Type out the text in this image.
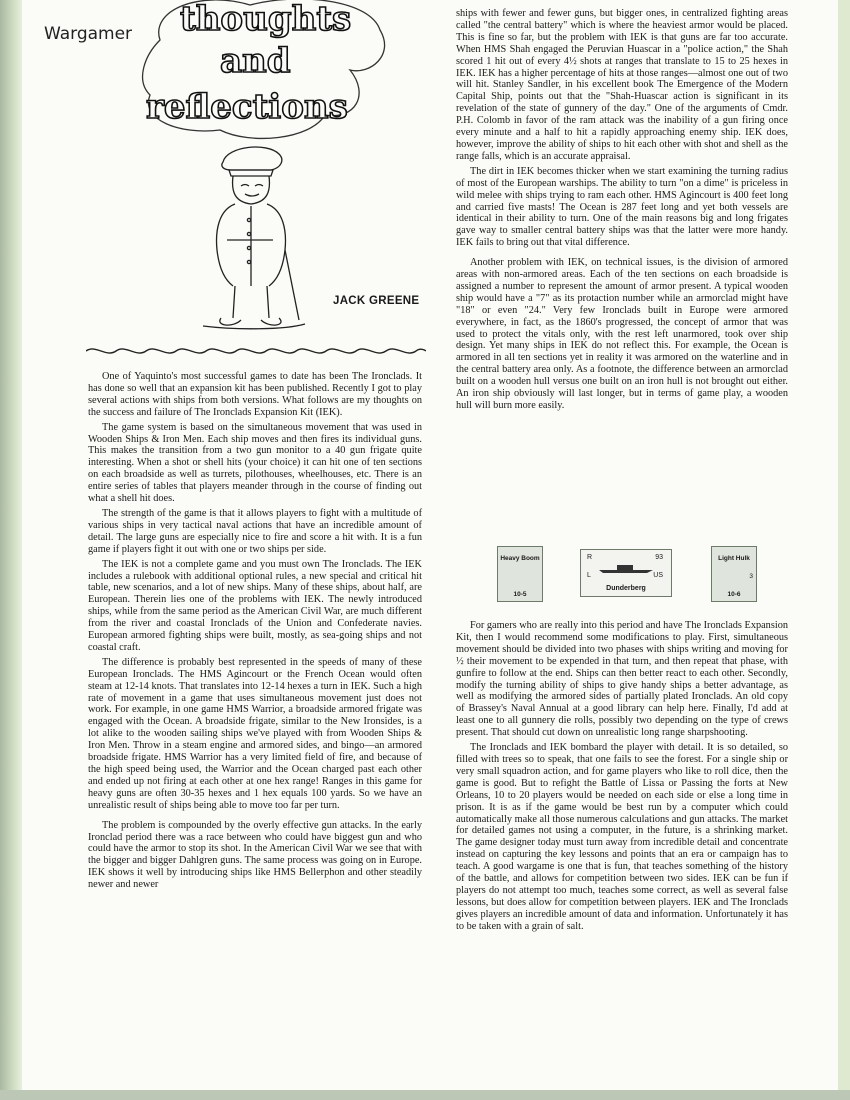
Wargamer thoughts
and
reflections
JACK GREENE

One of Yaquinto's most successful games to date has been The Ironclads. It has done so well that an expansion kit has been published. Recently I got to play several actions with ships from both versions. What follows are my thoughts on the success and failure of The Ironclads Expansion Kit (IEK).

The game system is based on the simultaneous movement that was used in Wooden Ships & Iron Men. Each ship moves and then fires its individual guns. This makes the transition from a two gun monitor to a 40 gun frigate quite interesting. When a shot or shell hits (your choice) it can hit one of ten sections on each broadside as well as turrets, pilothouses, wheelhouses, etc. There is an entire series of tables that players meander through in the course of finding out what a shell hit does.

The strength of the game is that it allows players to fight with a multitude of various ships in very tactical naval actions that have an incredible amount of detail. The large guns are especially nice to fire and score a hit with. It is a fun game if players fight it out with one or two ships per side.

The IEK is not a complete game and you must own The Ironclads. The IEK includes a rulebook with additional optional rules, a new special and critical hit table, new scenarios, and a lot of new ships. Many of these ships, about half, are European. Therein lies one of the problems with IEK. The newly introduced ships, while from the same period as the American Civil War, are much different from the river and coastal Ironclads of the Union and Confederate navies. European armored fighting ships were built, mostly, as sea-going ships and not coastal craft.

The difference is probably best represented in the speeds of many of these European Ironclads. The HMS Agincourt or the French Ocean would often steam at 12-14 knots. That translates into 12-14 hexes a turn in IEK. Such a high rate of movement in a game that uses simultaneous movement just does not work. For example, in one game HMS Warrior, a broadside armored frigate was engaged with the Ocean. A broadside frigate, similar to the New Ironsides, is a lot alike to the wooden sailing ships we've played with from Wooden Ships & Iron Men. Throw in a steam engine and armored sides, and bingo—an armored broadside frigate. HMS Warrior has a very limited field of fire, and because of the high speed being used, the Warrior and the Ocean charged past each other and ended up not firing at each other at one hex range! Ranges in this game for heavy guns are often 30-35 hexes and 1 hex equals 100 yards. So we have an unrealistic result of ships being able to move too far per turn.

The problem is compounded by the overly effective gun attacks. In the early Ironclad period there was a race between who could have biggest gun and who could have the armor to stop its shot. In the American Civil War we see that with the bigger and bigger Dahlgren guns. The same process was going on in Europe. IEK shows it well by introducing ships like HMS Bellerphon and other steadily newer and newer

ships with fewer and fewer guns, but bigger ones, in centralized fighting areas called "the central battery" which is where the heaviest armor would be placed. This is fine so far, but the problem with IEK is that guns are far too accurate. When HMS Shah engaged the Peruvian Huascar in a "police action," the Shah scored 1 hit out of every 4½ shots at ranges that translate to 15 to 25 hexes in IEK. IEK has a higher percentage of hits at those ranges—almost one out of two will hit. Stanley Sandler, in his excellent book The Emergence of the Modern Capital Ship, points out that the "Shah-Huascar action is significant in its revelation of the state of gunnery of the day." One of the arguments of Cmdr. P.H. Colomb in favor of the ram attack was the inability of a gun firing once every minute and a half to hit a rapidly approaching enemy ship. IEK does, however, improve the ability of ships to hit each other with shot and shell as the range falls, which is an accurate appraisal.

The dirt in IEK becomes thicker when we start examining the turning radius of most of the European warships. The ability to turn "on a dime" is priceless in wild melee with ships trying to ram each other. HMS Agincourt is 400 feet long and carried five masts! The Ocean is 287 feet long and yet both vessels are identical in their ability to turn. One of the main reasons big and long frigates gave way to smaller central battery ships was that the latter were more handy. IEK fails to bring out that vital difference.

Another problem with IEK, on technical issues, is the division of armored areas with non-armored areas. Each of the ten sections on each broadside is assigned a number to represent the amount of armor present. A typical wooden ship would have a "7" as its protaction number while an armorclad might have "18" or even "24." Very few Ironclads built in Europe were armored everywhere, in fact, as the 1860's progressed, the concept of armor that was used to protect the vitals only, with the rest left unarmored, took over ship design. Yet many ships in IEK do not reflect this. For example, the Ocean is armored in all ten sections yet in reality it was armored on the waterline and in the central battery area only. As a footnote, the difference between an armorclad built on a wooden hull versus one built on an iron hull is not brought out either. An iron ship obviously will last longer, but in terms of game play, a wooden hull will burn more easily.

Heavy Boom
10-5
R	93
L	US
Dunderberg
Light Hulk
3
10-6

For gamers who are really into this period and have The Ironclads Expansion Kit, then I would recommend some modifications to play. First, simultaneous movement should be divided into two phases with ships writing and moving for ½ their movement to be expended in that turn, and then repeat that phase, with gunfire to follow at the end. Ships can then better react to each other. Secondly, modify the turning ability of ships to give handy ships a better advantage, as well as modifying the armored sides of partially plated Ironclads. An old copy of Brassey's Naval Annual at a good library can help here. Finally, I'd add at least one to all gunnery die rolls, possibly two depending on the type of crews present. That should cut down on unrealistic long range sharpshooting.

The Ironclads and IEK bombard the player with detail. It is so detailed, so filled with trees so to speak, that one fails to see the forest. For a single ship or very small squadron action, and for game players who like to roll dice, then the game is good. But to refight the Battle of Lissa or Passing the forts at New Orleans, 10 to 20 players would be needed on each side or else a long time in prison. It is as if the game would be best run by a computer which could automatically make all those numerous calculations and gun attacks. The market for detailed games not using a computer, in the future, is a shrinking market. The game designer today must turn away from incredible detail and concentrate instead on capturing the key lessons and points that an era or campaign has to teach. A good wargame is one that is fun, that teaches something of the history of the battle, and allows for competition between two sides. IEK can be fun if players do not attempt too much, teaches some correct, as well as several false lessons, but does allow for competition between players. IEK and The Ironclads gives players an incredible amount of data and information. Unfortunately it has to be taken with a grain of salt.
